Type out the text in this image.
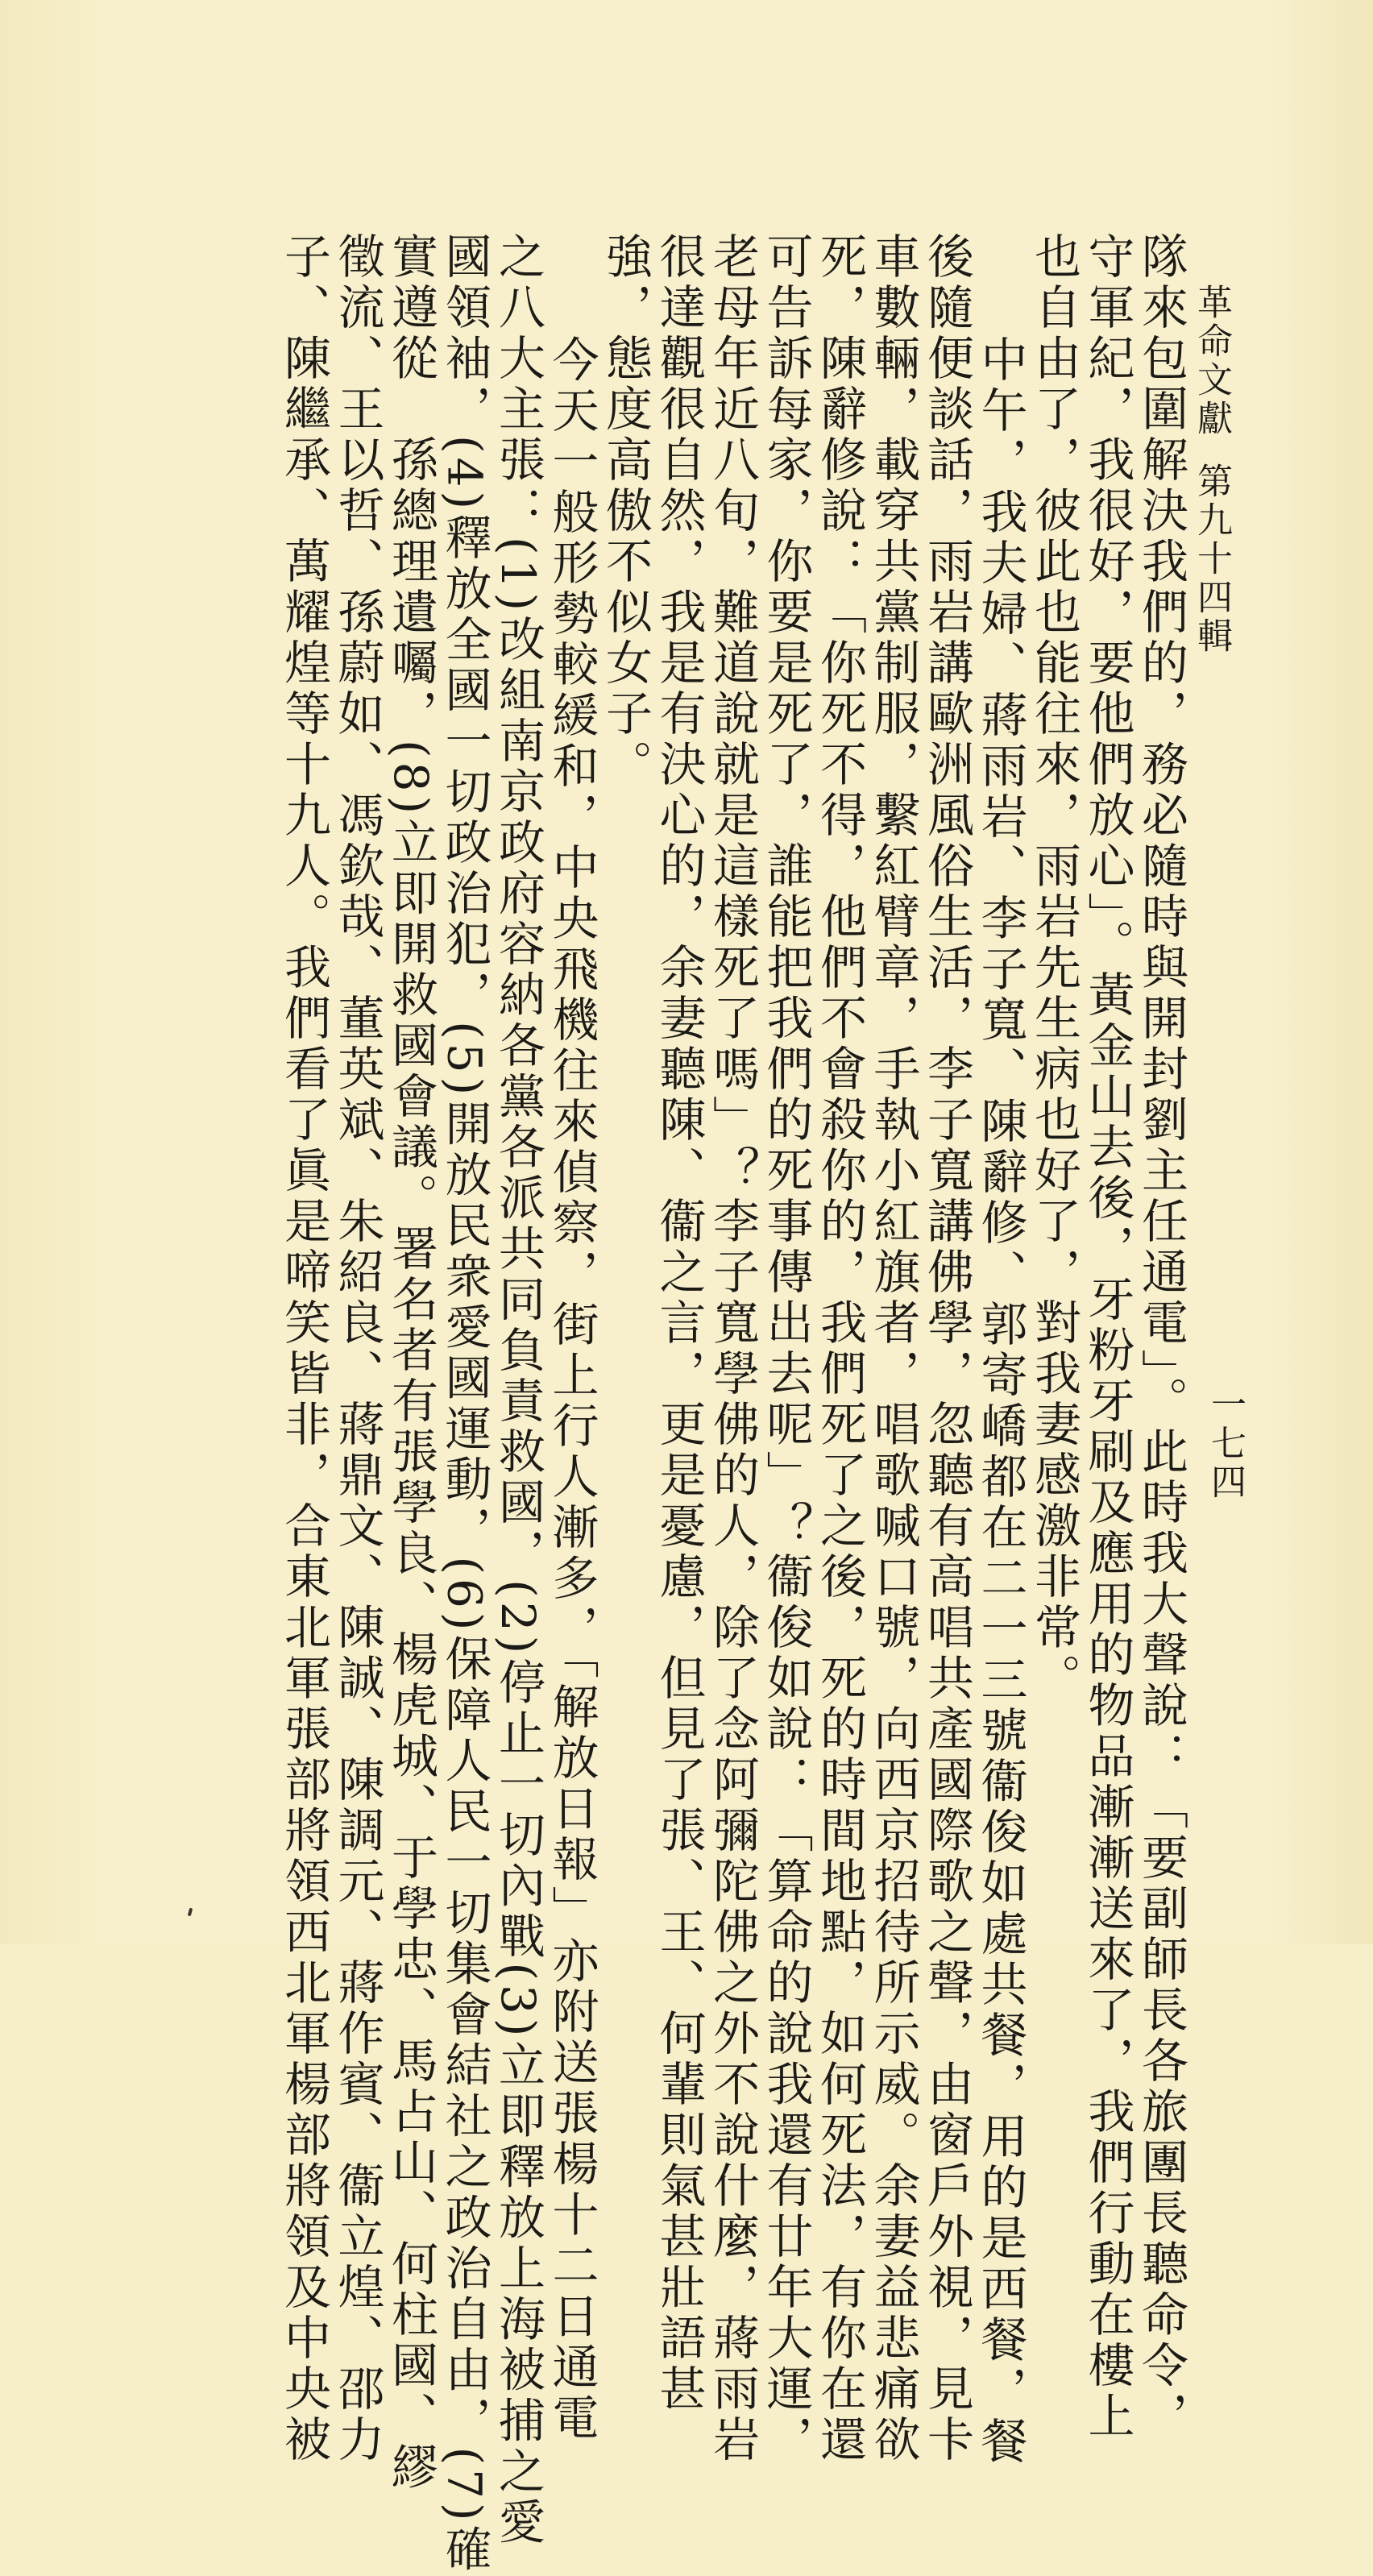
革命文獻第九十四輯
一七四
隊來包圍解決我們的，務必隨時與開封劉主任通電」。此時我大聲說：「要副師長各旅團長聽命令，
守軍紀，我很好，要他們放心」。黃金山去後，牙粉牙刷及應用的物品漸漸送來了，我們行動在樓上
也自由了，彼此也能往來，雨岩先生病也好了，對我妻感激非常。
中午，我夫婦、蔣雨岩、李子寬、陳辭修、郭寄嶠都在二一三號衞俊如處共餐，用的是西餐，餐
後隨便談話，雨岩講歐洲風俗生活，李子寬講佛學，忽聽有高唱共產國際歌之聲，由窗戶外視，見卡
車數輛，載穿共黨制服，繫紅臂章，手執小紅旗者，唱歌喊口號，向西京招待所示威。余妻益悲痛欲
死，陳辭修說：「你死不得，他們不會殺你的，我們死了之後，死的時間地點，如何死法，有你在還
可告訴每家，你要是死了，誰能把我們的死事傳出去呢」？衞俊如說：「算命的說我還有廿年大運，
老母年近八旬，難道說就是這樣死了嗎」？李子寬學佛的人，除了念阿彌陀佛之外不說什麼，蔣雨岩
很達觀很自然，我是有決心的，余妻聽陳、衞之言，更是憂慮，但見了張、王、何輩則氣甚壯語甚
強，態度高傲不似女子。
今天一般形勢較緩和，中央飛機往來偵察，街上行人漸多，「解放日報」亦附送張楊十二日通電
之八大主張：(1)改組南京政府容納各黨各派共同負責救國，(2)停止一切內戰(3)立即釋放上海被捕之愛
國領袖，(4)釋放全國一切政治犯，(5)開放民衆愛國運動，(6)保障人民一切集會結社之政治自由，(7)確
實遵從　孫總理遺囑，(8)立即開救國會議。署名者有張學良、楊虎城、于學忠、馬占山、何柱國、繆
徵流、王以哲、孫蔚如、馮欽哉、董英斌、朱紹良、蔣鼎文、陳誠、陳調元、蔣作賓、衞立煌、邵力
子、陳繼承、萬耀煌等十九人。我們看了眞是啼笑皆非，合東北軍張部將領西北軍楊部將領及中央被
